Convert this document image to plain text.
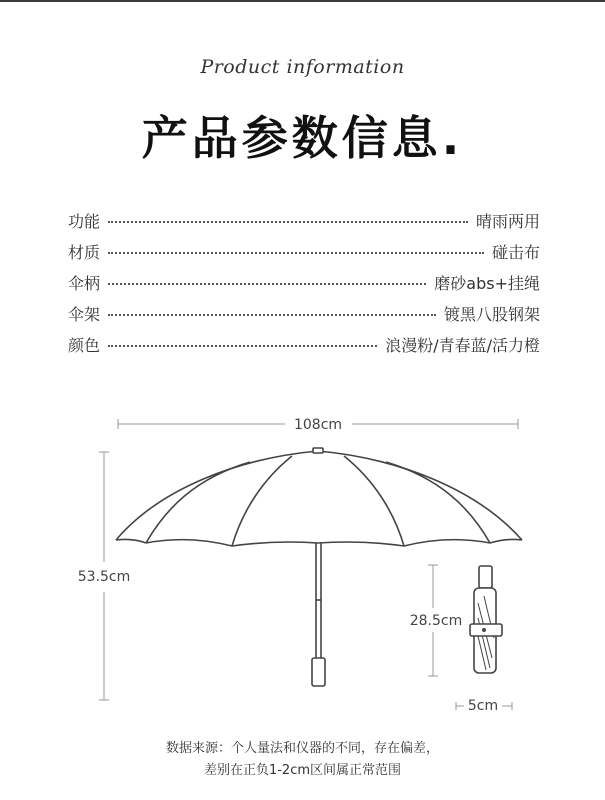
Product information
产品参数信息.
功能	晴雨两用
材质	碰击布
伞柄	磨砂abs+挂绳
伞架	镀黑八股钢架
颜色	浪漫粉/青春蓝/活力橙
108cm
53.5cm
28.5cm
5cm
数据来源：个人量法和仪器的不同，存在偏差，
差别在正负1-2cm区间属正常范围
